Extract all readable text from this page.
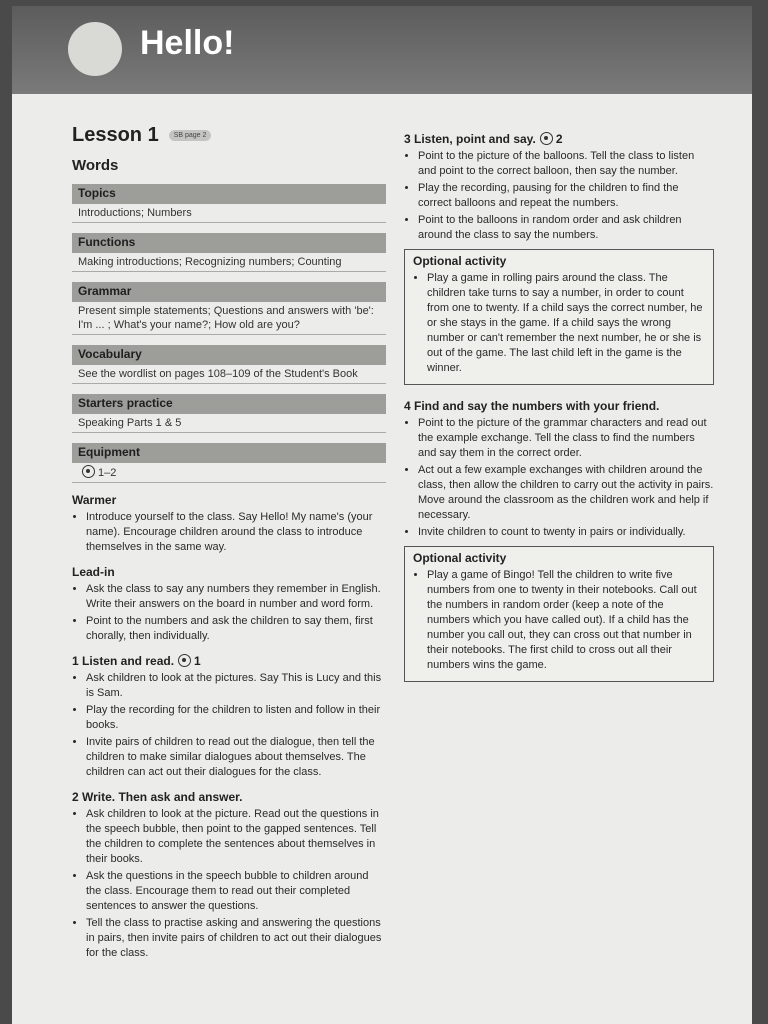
Hello!
Lesson 1	SB page 2
Words
Topics
Introductions; Numbers
Functions
Making introductions; Recognizing numbers; Counting
Grammar
Present simple statements; Questions and answers with 'be': I'm ... ; What's your name?; How old are you?
Vocabulary
See the wordlist on pages 108–109 of the Student's Book
Starters practice
Speaking Parts 1 & 5
Equipment
1–2
Warmer
• Introduce yourself to the class. Say Hello! My name's (your name). Encourage children around the class to introduce themselves in the same way.
Lead-in
• Ask the class to say any numbers they remember in English. Write their answers on the board in number and word form.
• Point to the numbers and ask the children to say them, first chorally, then individually.
1 Listen and read. 1
• Ask children to look at the pictures. Say This is Lucy and this is Sam.
• Play the recording for the children to listen and follow in their books.
• Invite pairs of children to read out the dialogue, then tell the children to make similar dialogues about themselves. The children can act out their dialogues for the class.
2 Write. Then ask and answer.
• Ask children to look at the picture. Read out the questions in the speech bubble, then point to the gapped sentences. Tell the children to complete the sentences about themselves in their books.
• Ask the questions in the speech bubble to children around the class. Encourage them to read out their completed sentences to answer the questions.
• Tell the class to practise asking and answering the questions in pairs, then invite pairs of children to act out their dialogues for the class.
3 Listen, point and say. 2
• Point to the picture of the balloons. Tell the class to listen and point to the correct balloon, then say the number.
• Play the recording, pausing for the children to find the correct balloons and repeat the numbers.
• Point to the balloons in random order and ask children around the class to say the numbers.
Optional activity
• Play a game in rolling pairs around the class. The children take turns to say a number, in order to count from one to twenty. If a child says the correct number, he or she stays in the game. If a child says the wrong number or can't remember the next number, he or she is out of the game. The last child left in the game is the winner.
4 Find and say the numbers with your friend.
• Point to the picture of the grammar characters and read out the example exchange. Tell the class to find the numbers and say them in the correct order.
• Act out a few example exchanges with children around the class, then allow the children to carry out the activity in pairs. Move around the classroom as the children work and help if necessary.
• Invite children to count to twenty in pairs or individually.
Optional activity
• Play a game of Bingo! Tell the children to write five numbers from one to twenty in their notebooks. Call out the numbers in random order (keep a note of the numbers which you have called out). If a child has the number you call out, they can cross out that number in their notebooks. The first child to cross out all their numbers wins the game.
